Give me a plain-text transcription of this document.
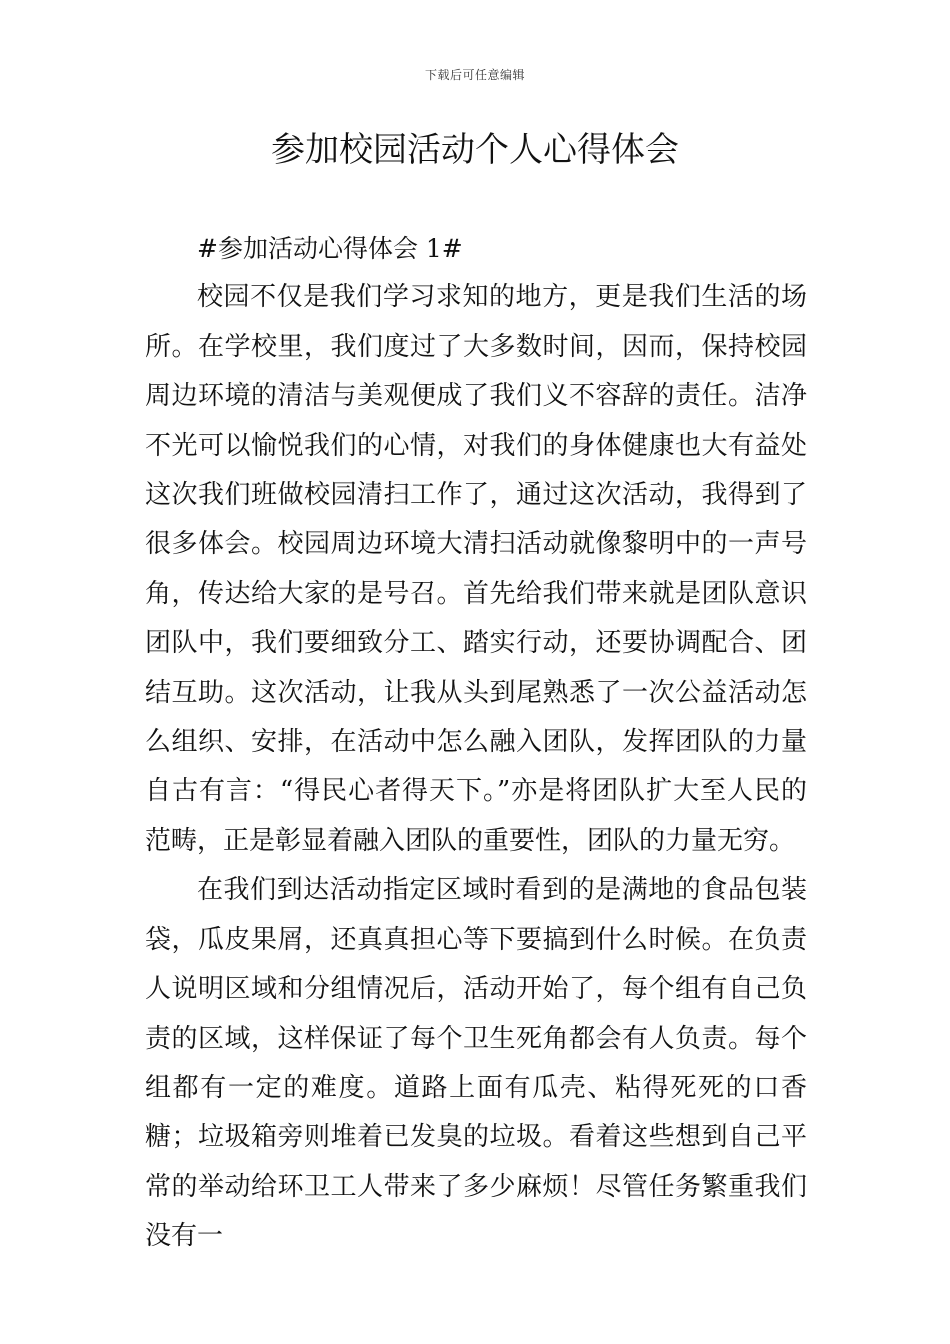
下载后可任意编辑
参加校园活动个人心得体会

#参加活动心得体会 1#

校园不仅是我们学习求知的地方，更是我们生活的场所。在学校里，我们度过了大多数时间，因而，保持校园周边环境的清洁与美观便成了我们义不容辞的责任。洁净不光可以愉悦我们的心情，对我们的身体健康也大有益处这次我们班做校园清扫工作了，通过这次活动，我得到了很多体会。校园周边环境大清扫活动就像黎明中的一声号角，传达给大家的是号召。首先给我们带来就是团队意识团队中，我们要细致分工、踏实行动，还要协调配合、团结互助。这次活动，让我从头到尾熟悉了一次公益活动怎么组织、安排，在活动中怎么融入团队，发挥团队的力量自古有言：“得民心者得天下。”亦是将团队扩大至人民的范畴，正是彰显着融入团队的重要性，团队的力量无穷。

在我们到达活动指定区域时看到的是满地的食品包装袋，瓜皮果屑，还真真担心等下要搞到什么时候。在负责人说明区域和分组情况后，活动开始了，每个组有自己负责的区域，这样保证了每个卫生死角都会有人负责。每个组都有一定的难度。道路上面有瓜壳、粘得死死的口香糖；垃圾箱旁则堆着已发臭的垃圾。看着这些想到自己平常的举动给环卫工人带来了多少麻烦！尽管任务繁重我们没有一
